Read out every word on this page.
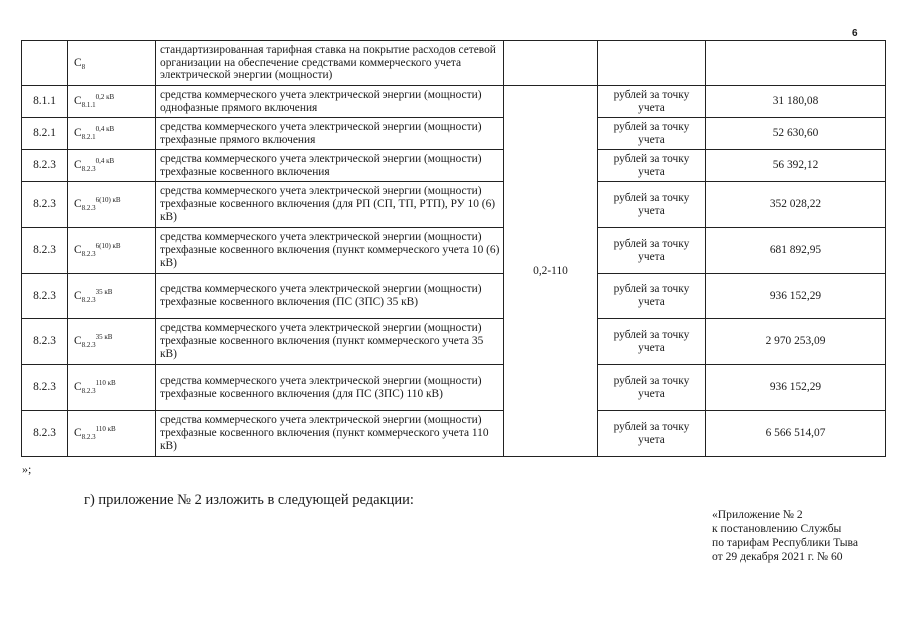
6
	$C_8$	стандартизированная тарифная ставка на покрытие расходов сетевой организации на обеспечение средствами коммерческого учета электрической энергии (мощности)			
8.1.1	$C_{8.1.1}^{0,2 кВ}$	средства коммерческого учета электрической энергии (мощности) однофазные прямого включения	0,2-110	рублей за точку учета	31 180,08
8.2.1	$C_{8.2.1}^{0,4 кВ}$	средства коммерческого учета электрической энергии (мощности) трехфазные прямого включения		рублей за точку учета	52 630,60
8.2.3	$C_{8.2.3}^{0,4 кВ}$	средства коммерческого учета электрической энергии (мощности) трехфазные косвенного включения		рублей за точку учета	56 392,12
8.2.3	$C_{8.2.3}^{6(10) кВ}$	средства коммерческого учета электрической энергии (мощности) трехфазные косвенного включения (для РП (СП, ТП, РТП), РУ 10 (6) кВ)		рублей за точку учета	352 028,22
8.2.3	$C_{8.2.3}^{6(10) кВ}$	средства коммерческого учета электрической энергии (мощности) трехфазные косвенного включения (пункт коммерческого учета 10 (6) кВ)		рублей за точку учета	681 892,95
8.2.3	$C_{8.2.3}^{35 кВ}$	средства коммерческого учета электрической энергии (мощности) трехфазные косвенного включения (ПС (ЗПС) 35 кВ)		рублей за точку учета	936 152,29
8.2.3	$C_{8.2.3}^{35 кВ}$	средства коммерческого учета электрической энергии (мощности) трехфазные косвенного включения (пункт коммерческого учета 35 кВ)		рублей за точку учета	2 970 253,09
8.2.3	$C_{8.2.3}^{110 кВ}$	средства коммерческого учета электрической энергии (мощности) трехфазные косвенного включения (для ПС (ЗПС) 110 кВ)		рублей за точку учета	936 152,29
8.2.3	$C_{8.2.3}^{110 кВ}$	средства коммерческого учета электрической энергии (мощности) трехфазные косвенного включения (пункт коммерческого учета 110 кВ)		рублей за точку учета	6 566 514,07
»;
г) приложение № 2 изложить в следующей редакции:
«Приложение № 2
к постановлению Службы
по тарифам Республики Тыва
от 29 декабря 2021 г. № 60
